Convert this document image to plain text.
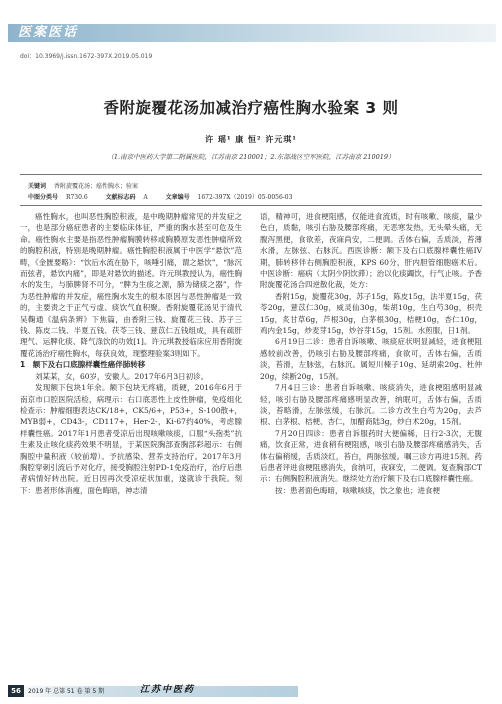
医案医话
doi：10.3969/j.issn.1672-397X.2019.05.019
香附旋覆花汤加减治疗癌性胸水验案 3 则
许 瑶¹ 康 恒² 许元琪¹
（1.南京中医药大学第二附属医院，江苏南京 210001；2.东部战区空军医院，江苏南京 210019）
关键词 香附旋覆花汤；癌性胸水；验案
中图分类号 R730.6	文献标志码 A	文章编号 1672-397X（2019）05-0056-03

癌性胸水，也叫恶性胸腔积液，是中晚期肿瘤常见的并发症之一，也是部分癌症患者的主要临床体征，严重的胸水甚至可危及生命。癌性胸水主要是指恶性肿瘤胸膜转移或胸膜原发恶性肿瘤所致的胸腔积液，特别是晚期肿瘤。癌性胸腔积液属于中医学“悬饮”范畴，《金匮要略》：“饮后水流在胁下，咳唾引痛，谓之悬饮”，“脉沉而弦者，悬饮内痛”，即是对悬饮的描述。许元琪教授认为，癌性胸水的发生，与肺脾肾不可分，“脾为生痰之源，肺为储痰之器”，作为恶性肿瘤的并发症，癌性胸水发生的根本原因与恶性肿瘤是一致的，主要责之于正气亏虚、痰饮气血积聚。香附旋覆花汤见于清代吴鞠通《温病条辨》下焦篇，由香附三钱、旋覆花三钱、苏子三钱、陈皮二钱、半夏五钱、茯苓三钱、薏苡仁五钱组成，具有疏肝理气、运脾化痰、降气涤饮的功效[1]。许元琪教授临床应用香附旋覆花汤治疗癌性胸水，每获良效，现整理验案3则如下。

1　额下及右口底腺样囊性癌伴肺转移

刘某某，女，60岁，安徽人。2017年6月3日初诊。

发现额下包块1年余。额下包块无疼痛，质硬，2016年6月于南京市口腔医院活检，病理示：右口底恶性上皮性肿瘤，免疫组化检查示：肿瘤细胞表达CK/18+，CK5/6+，P53+，S-100散+，MYB弱+，CD43-，CD117+，Her-2-，Ki-67约40%，考虑腺样囊性癌。2017年1月患者受凉后出现咳嗽咳痰，口服“头孢类”抗生素及止咳化痰药效果不明显，于某医院胸部查胸部彩超示：右侧胸腔中量积液（较前增）。予抗感染、营养支持治疗。2017年3月胸腔穿刺引流后予对化疗，接受胸腔注射PD-1免疫治疗，治疗后患者病情好转出院。近日因再次受凉症状加重，遂就诊于我院。刻下：患者形体消瘦，面色晦暗，神志清

语，精神可，进食梗阻感，仅能进食流质，时有咳嗽、咳痰，量少色白，质黏，咳引右胁及腰部疼痛，无恶寒发热，无头晕头痛，无腹泻黑便，食欲差，夜寐尚安，二便调。舌体右偏，舌质淡，苔薄水滑，左脉弦、右脉沉。西医诊断：额下及右口底腺样囊性癌IV期，肺转移伴右侧胸腔积液，KPS 60分，肝内胆管细胞癌术后。中医诊断：癌病（太阴少阴饮滞）；治以化痰蠲饮，行气止咳。予香附旋覆花汤合四逆散化裁，处方：

香附15g，旋覆花30g，苏子15g，陈皮15g，法半夏15g，茯苓20g，薏苡仁30g，威灵仙30g，柴胡10g，生白芍30g，枳壳15g，炙甘草6g，芦根30g，白茅根30g，桔梗10g，杏仁10g，鸡内金15g，炒麦芽15g，炒谷芽15g，15剂。水煎服，日1剂。

6月19日二诊：患者自诉咳嗽、咳痰症状明显减轻，进食梗阻感较前改善，仍咳引右胁及腰部疼痛，食欲可，舌体右偏，舌质淡，苔滑，左脉弦，右脉沉。属短川楝子10g、延胡索20g、杜仲20g，续断20g，15剂。

7月4日三诊：患者自诉咳嗽、咳痰消失，进食梗阻感明显减轻，咳引右胁及腰部疼痛感明显改善，纳眠可，舌体右偏，舌质淡，苔略滑，左脉弦缓，右脉沉。二诊方改生白芍为20g，去芦根、白茅根、桔梗、杏仁，加醋商陆3g，炒白术20g，15剂。

7月20日四诊：患者自诉服药时大便偏稀，日行2-3次，无腹痛，饮食正常，进食稍有梗阻感，咳引右胁及腰部疼痛感消失，舌体右偏稍缓，舌质淡红，苔白，两脉弦缓。嘱三诊方再进15剂。药后患者评进食梗阻感消失，食纳可，夜寐安，二便调。复查胸部CT示：右侧胸腔积液消失。继续处方治疗额下及右口底腺样囊性癌。

按：患者面色晦暗，咳嗽咳痰，饮之象也；进食梗

56	2019 年 总第 51 卷 第 5 期	江苏中医药
